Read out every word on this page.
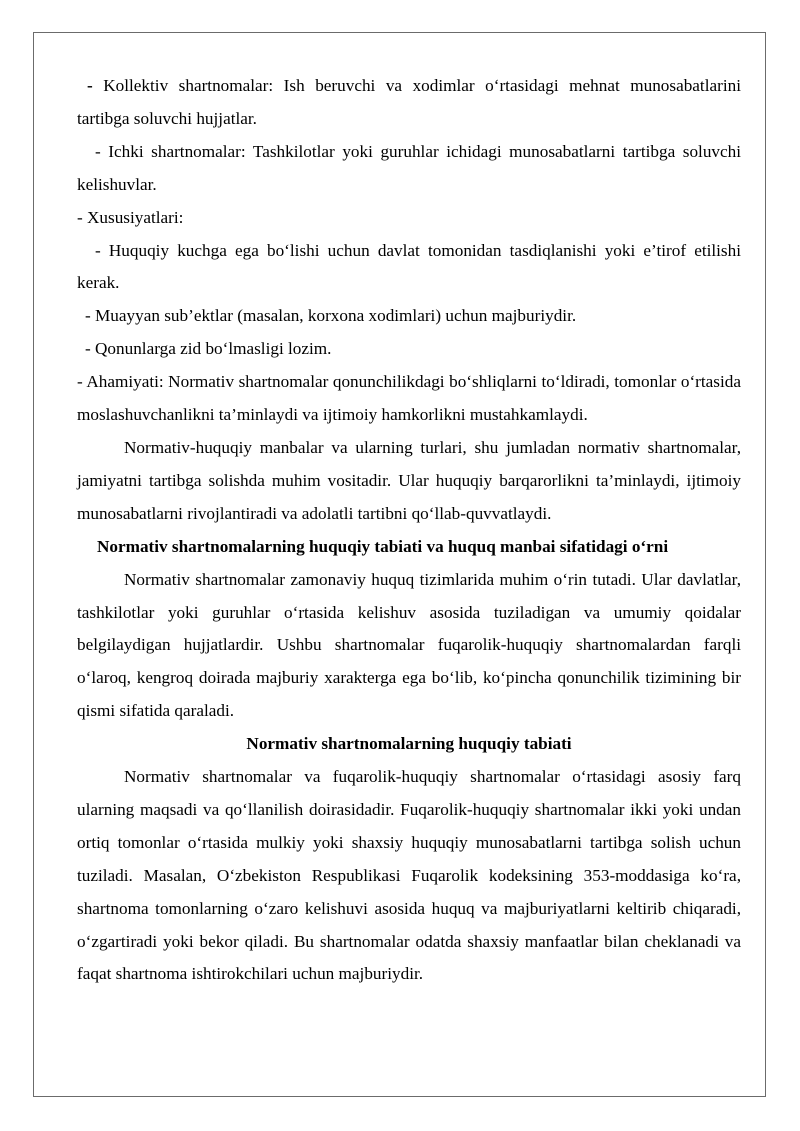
- Kollektiv shartnomalar: Ish beruvchi va xodimlar o‘rtasidagi mehnat munosabatlarini tartibga soluvchi hujjatlar.

- Ichki shartnomalar: Tashkilotlar yoki guruhlar ichidagi munosabatlarni tartibga soluvchi kelishuvlar.

- Xususiyatlari:

- Huquqiy kuchga ega bo‘lishi uchun davlat tomonidan tasdiqlanishi yoki e’tirof etilishi kerak.

- Muayyan sub’ektlar (masalan, korxona xodimlari) uchun majburiydir.

- Qonunlarga zid bo‘lmasligi lozim.

- Ahamiyati: Normativ shartnomalar qonunchilikdagi bo‘shliqlarni to‘ldiradi, tomonlar o‘rtasida moslashuvchanlikni ta’minlaydi va ijtimoiy hamkorlikni mustahkamlaydi.

Normativ-huquqiy manbalar va ularning turlari, shu jumladan normativ shartnomalar, jamiyatni tartibga solishda muhim vositadir. Ular huquqiy barqarorlikni ta’minlaydi, ijtimoiy munosabatlarni rivojlantiradi va adolatli tartibni qo‘llab-quvvatlaydi.

Normativ shartnomalarning huquqiy tabiati va huquq manbai sifatidagi o‘rni

Normativ shartnomalar zamonaviy huquq tizimlarida muhim o‘rin tutadi. Ular davlatlar, tashkilotlar yoki guruhlar o‘rtasida kelishuv asosida tuziladigan va umumiy qoidalar belgilaydigan hujjatlardir. Ushbu shartnomalar fuqarolik-huquqiy shartnomalardan farqli o‘laroq, kengroq doirada majburiy xarakterga ega bo‘lib, ko‘pincha qonunchilik tizimining bir qismi sifatida qaraladi.

Normativ shartnomalarning huquqiy tabiati

Normativ shartnomalar va fuqarolik-huquqiy shartnomalar o‘rtasidagi asosiy farq ularning maqsadi va qo‘llanilish doirasidadir. Fuqarolik-huquqiy shartnomalar ikki yoki undan ortiq tomonlar o‘rtasida mulkiy yoki shaxsiy huquqiy munosabatlarni tartibga solish uchun tuziladi. Masalan, O‘zbekiston Respublikasi Fuqarolik kodeksining 353-moddasiga ko‘ra, shartnoma tomonlarning o‘zaro kelishuvi asosida huquq va majburiyatlarni keltirib chiqaradi, o‘zgartiradi yoki bekor qiladi. Bu shartnomalar odatda shaxsiy manfaatlar bilan cheklanadi va faqat shartnoma ishtirokchilari uchun majburiydir.
